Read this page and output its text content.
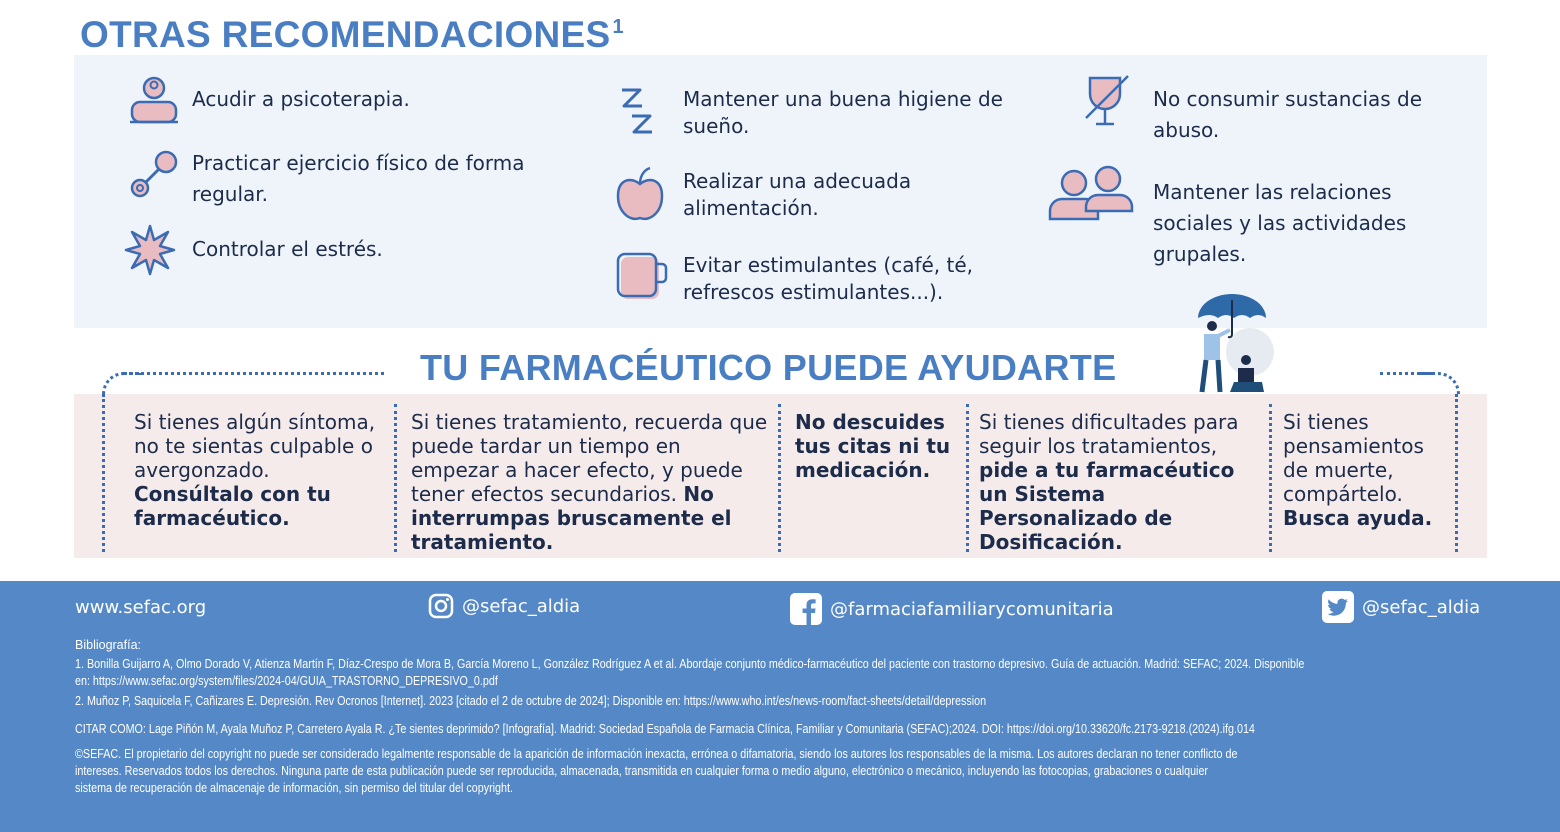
OTRAS RECOMENDACIONES $^1$
Acudir a psicoterapia.
Practicar ejercicio físico de forma regular.
Controlar el estrés.
Mantener una buena higiene de sueño.
Realizar una adecuada alimentación.
Evitar estimulantes (café, té, refrescos estimulantes...).
No consumir sustancias de abuso.
Mantener las relaciones sociales y las actividades grupales.
TU FARMACÉUTICO PUEDE AYUDARTE
Si tienes algún síntoma, no te sientas culpable o avergonzado. Consúltalo con tu farmacéutico.
Si tienes tratamiento, recuerda que puede tardar un tiempo en empezar a hacer efecto, y puede tener efectos secundarios. No interrumpas bruscamente el tratamiento.
No descuides tus citas ni tu medicación.
Si tienes dificultades para seguir los tratamientos, pide a tu farmacéutico un Sistema Personalizado de Dosificación.
Si tienes pensamientos de muerte, compártelo. Busca ayuda.
www.sefac.org	@sefac_aldia	@farmaciafamiliarycomunitaria	@sefac_aldia
Bibliografía:
1. Bonilla Guijarro A, Olmo Dorado V, Atienza Martín F, Díaz-Crespo de Mora B, García Moreno L, González Rodríguez A et al. Abordaje conjunto médico-farmacéutico del paciente con trastorno depresivo. Guía de actuación. Madrid: SEFAC; 2024. Disponible
en: https://www.sefac.org/system/files/2024-04/GUIA_TRASTORNO_DEPRESIVO_0.pdf
2. Muñoz P, Saquicela F, Cañizares E. Depresión. Rev Ocronos [Internet]. 2023 [citado el 2 de octubre de 2024]; Disponible en: https://www.who.int/es/news-room/fact-sheets/detail/depression
CITAR COMO: Lage Piñón M, Ayala Muñoz P, Carretero Ayala R. ¿Te sientes deprimido? [Infografía]. Madrid: Sociedad Española de Farmacia Clínica, Familiar y Comunitaria (SEFAC);2024. DOI: https://doi.org/10.33620/fc.2173-9218.(2024).ifg.014
©SEFAC. El propietario del copyright no puede ser considerado legalmente responsable de la aparición de información inexacta, errónea o difamatoria, siendo los autores los responsables de la misma. Los autores declaran no tener conflicto de
intereses. Reservados todos los derechos. Ninguna parte de esta publicación puede ser reproducida, almacenada, transmitida en cualquier forma o medio alguno, electrónico o mecánico, incluyendo las fotocopias, grabaciones o cualquier
sistema de recuperación de almacenaje de información, sin permiso del titular del copyright.
